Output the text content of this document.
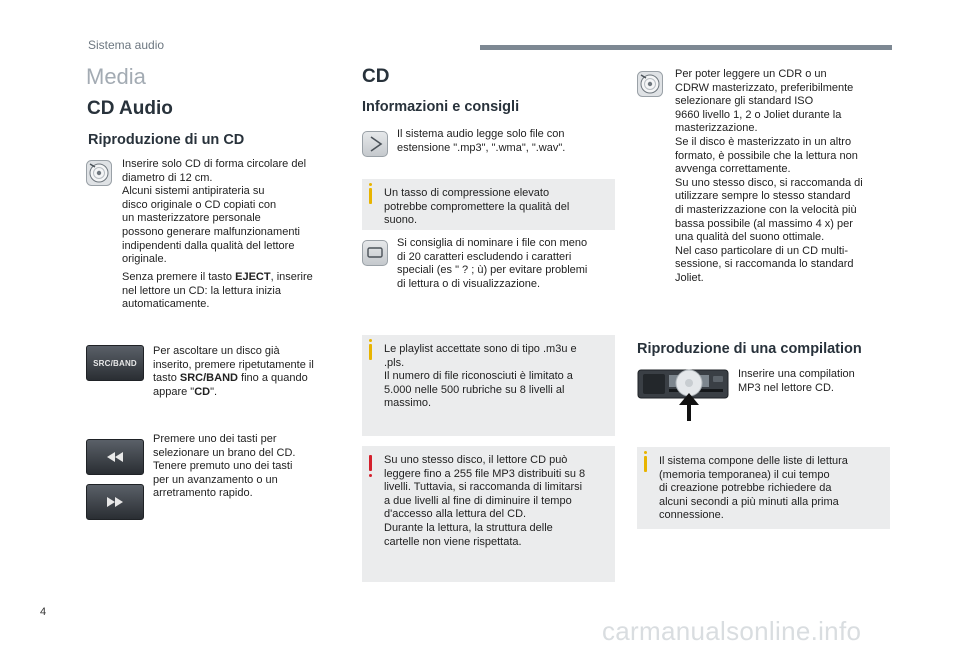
Sistema audio
Media
CD Audio
Riproduzione di un CD
Inserire solo CD di forma circolare del
diametro di 12 cm.
Alcuni sistemi antipirateria su
disco originale o CD copiati con
un masterizzatore personale
possono generare malfunzionamenti
indipendenti dalla qualità del lettore
originale.
Senza premere il tasto EJECT, inserire
nel lettore un CD: la lettura inizia
automaticamente.
SRC/BAND
Per ascoltare un disco già
inserito, premere ripetutamente il
tasto SRC/BAND fino a quando
appare "CD".
Premere uno dei tasti per
selezionare un brano del CD.
Tenere premuto uno dei tasti
per un avanzamento o un
arretramento rapido.
CD
Informazioni e consigli
Il sistema audio legge solo file con
estensione ".mp3", ".wma", ".wav".
Un tasso di compressione elevato
potrebbe compromettere la qualità del
suono.
Si consiglia di nominare i file con meno
di 20 caratteri escludendo i caratteri
speciali (es " ? ; ù) per evitare problemi
di lettura o di visualizzazione.
Le playlist accettate sono di tipo .m3u e
.pls.
Il numero di file riconosciuti è limitato a
5.000 nelle 500 rubriche su 8 livelli al
massimo.
Su uno stesso disco, il lettore CD può
leggere fino a 255 file MP3 distribuiti su 8
livelli. Tuttavia, si raccomanda di limitarsi
a due livelli al fine di diminuire il tempo
d'accesso alla lettura del CD.
Durante la lettura, la struttura delle
cartelle non viene rispettata.
Per poter leggere un CDR o un
CDRW masterizzato, preferibilmente
selezionare gli standard ISO
9660 livello 1, 2 o Joliet durante la
masterizzazione.
Se il disco è masterizzato in un altro
formato, è possibile che la lettura non
avvenga correttamente.
Su uno stesso disco, si raccomanda di
utilizzare sempre lo stesso standard
di masterizzazione con la velocità più
bassa possibile (al massimo 4 x) per
una qualità del suono ottimale.
Nel caso particolare di un CD multi-
sessione, si raccomanda lo standard
Joliet.
Riproduzione di una compilation
Inserire una compilation
MP3 nel lettore CD.
Il sistema compone delle liste di lettura
(memoria temporanea) il cui tempo
di creazione potrebbe richiedere da
alcuni secondi a più minuti alla prima
connessione.
4
carmanualsonline.info
